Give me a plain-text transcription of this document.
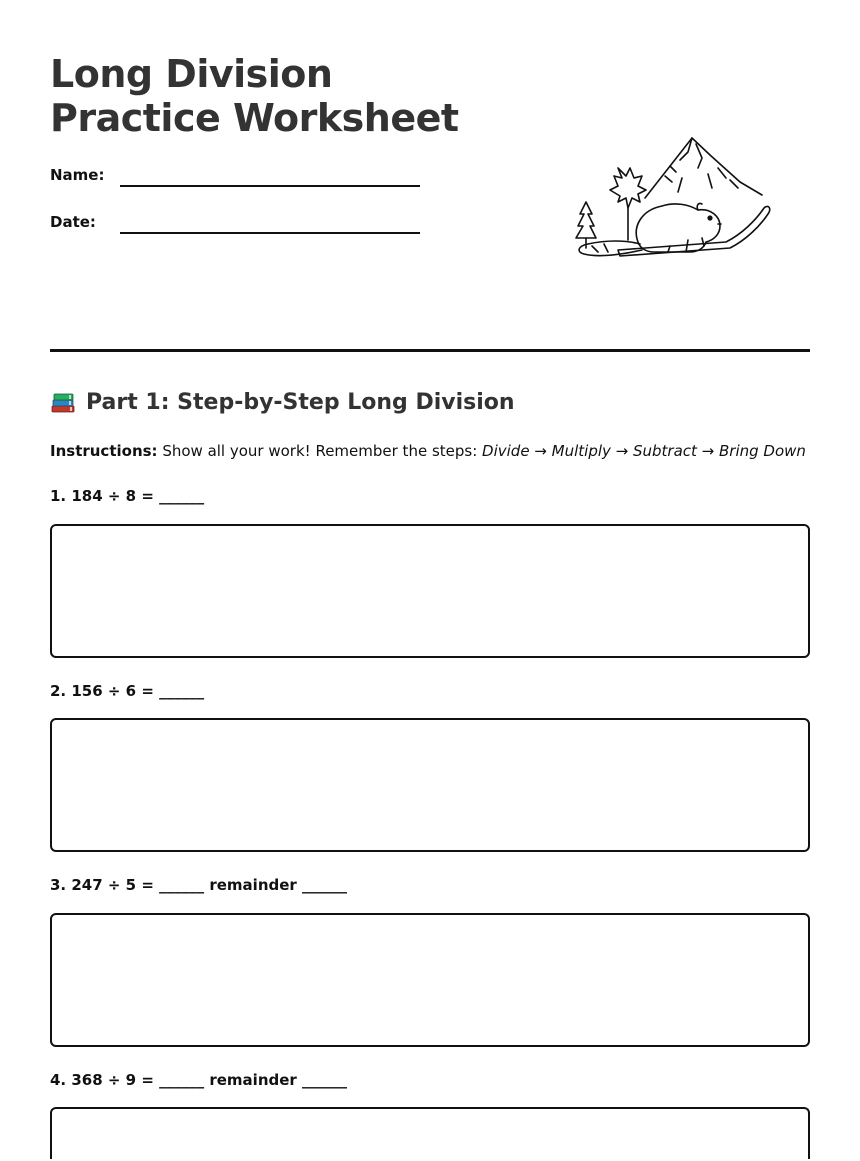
Long Division Practice Worksheet
Name:
Date:
Part 1: Step-by-Step Long Division
Instructions: Show all your work! Remember the steps: Divide → Multiply → Subtract → Bring Down
1. 184 ÷ 8 = ______
2. 156 ÷ 6 = ______
3. 247 ÷ 5 = ______ remainder ______
4. 368 ÷ 9 = ______ remainder ______
